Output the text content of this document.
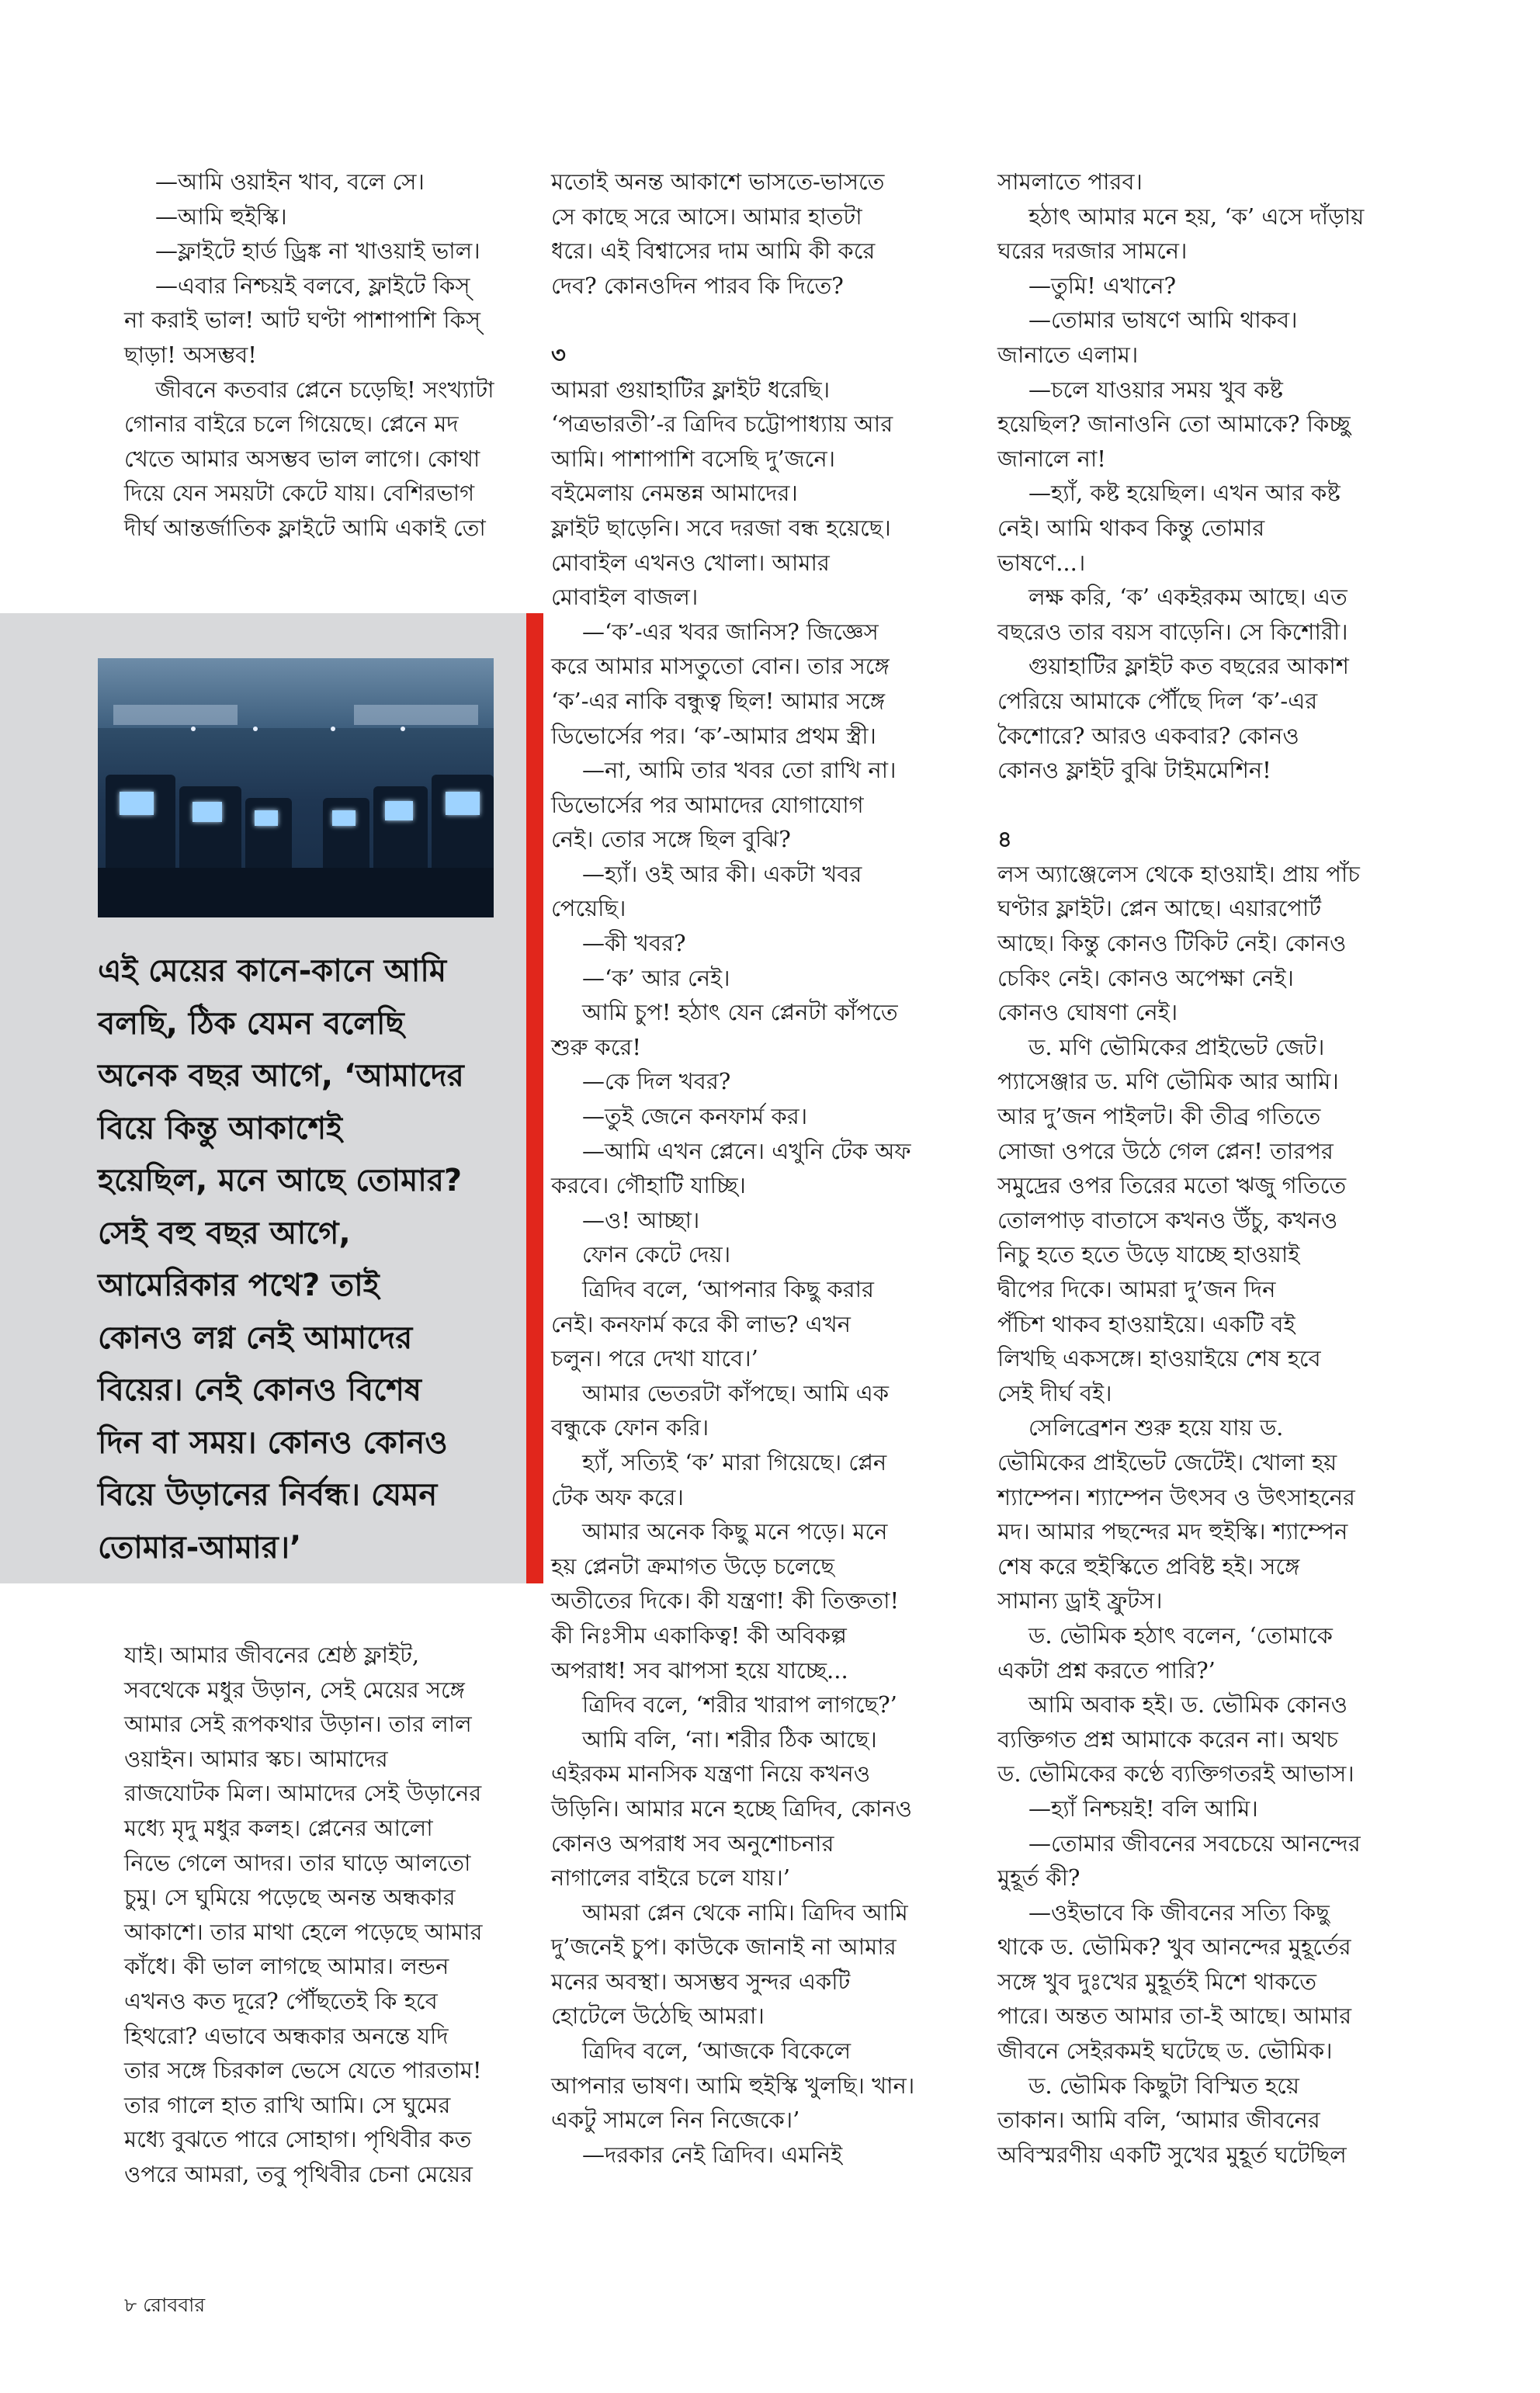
—আমি ওয়াইন খাব, বলে সে।

—আমি হুইস্কি।

—ফ্লাইটে হার্ড ড্রিঙ্ক না খাওয়াই ভাল।

—এবার নিশ্চয়ই বলবে, ফ্লাইটে কিস্

না করাই ভাল! আট ঘণ্টা পাশাপাশি কিস্

ছাড়া! অসম্ভব!

জীবনে কতবার প্লেনে চড়েছি! সংখ্যাটা

গোনার বাইরে চলে গিয়েছে। প্লেনে মদ

খেতে আমার অসম্ভব ভাল লাগে। কোথা

দিয়ে যেন সময়টা কেটে যায়। বেশিরভাগ

দীর্ঘ আন্তর্জাতিক ফ্লাইটে আমি একাই তো

এই মেয়ের কানে-কানে আমি
বলছি, ঠিক যেমন বলেছি
অনেক বছর আগে, ‘আমাদের
বিয়ে কিন্তু আকাশেই
হয়েছিল, মনে আছে তোমার?
সেই বহু বছর আগে,
আমেরিকার পথে? তাই
কোনও লগ্ন নেই আমাদের
বিয়ের। নেই কোনও বিশেষ
দিন বা সময়। কোনও কোনও
বিয়ে উড়ানের নির্বন্ধ। যেমন
তোমার-আমার।’

যাই। আমার জীবনের শ্রেষ্ঠ ফ্লাইট,

সবথেকে মধুর উড়ান, সেই মেয়ের সঙ্গে

আমার সেই রূপকথার উড়ান। তার লাল

ওয়াইন। আমার স্কচ। আমাদের

রাজযোটক মিল। আমাদের সেই উড়ানের

মধ্যে মৃদু মধুর কলহ। প্লেনের আলো

নিভে গেলে আদর। তার ঘাড়ে আলতো

চুমু। সে ঘুমিয়ে পড়েছে অনন্ত অন্ধকার

আকাশে। তার মাথা হেলে পড়েছে আমার

কাঁধে। কী ভাল লাগছে আমার। লন্ডন

এখনও কত দূরে? পৌঁছতেই কি হবে

হিথরো? এভাবে অন্ধকার অনন্তে যদি

তার সঙ্গে চিরকাল ভেসে যেতে পারতাম!

তার গালে হাত রাখি আমি। সে ঘুমের

মধ্যে বুঝতে পারে সোহাগ। পৃথিবীর কত

ওপরে আমরা, তবু পৃথিবীর চেনা মেয়ের

মতোই অনন্ত আকাশে ভাসতে-ভাসতে

সে কাছে সরে আসে। আমার হাতটা

ধরে। এই বিশ্বাসের দাম আমি কী করে

দেব? কোনওদিন পারব কি দিতে?

৩

আমরা গুয়াহাটির ফ্লাইট ধরেছি।

‘পত্রভারতী’-র ত্রিদিব চট্টোপাধ্যায় আর

আমি। পাশাপাশি বসেছি দু’জনে।

বইমেলায় নেমন্তন্ন আমাদের।

ফ্লাইট ছাড়েনি। সবে দরজা বন্ধ হয়েছে।

মোবাইল এখনও খোলা। আমার

মোবাইল বাজল।

—‘ক’-এর খবর জানিস? জিজ্ঞেস

করে আমার মাসতুতো বোন। তার সঙ্গে

‘ক’-এর নাকি বন্ধুত্ব ছিল! আমার সঙ্গে

ডিভোর্সের পর। ‘ক’-আমার প্রথম স্ত্রী।

—না, আমি তার খবর তো রাখি না।

ডিভোর্সের পর আমাদের যোগাযোগ

নেই। তোর সঙ্গে ছিল বুঝি?

—হ্যাঁ। ওই আর কী। একটা খবর

পেয়েছি।

—কী খবর?

—‘ক’ আর নেই।

আমি চুপ! হঠাৎ যেন প্লেনটা কাঁপতে

শুরু করে!

—কে দিল খবর?

—তুই জেনে কনফার্ম কর।

—আমি এখন প্লেনে। এখুনি টেক অফ

করবে। গৌহাটি যাচ্ছি।

—ও! আচ্ছা।

ফোন কেটে দেয়।

ত্রিদিব বলে, ‘আপনার কিছু করার

নেই। কনফার্ম করে কী লাভ? এখন

চলুন। পরে দেখা যাবে।’

আমার ভেতরটা কাঁপছে। আমি এক

বন্ধুকে ফোন করি।

হ্যাঁ, সত্যিই ‘ক’ মারা গিয়েছে। প্লেন

টেক অফ করে।

আমার অনেক কিছু মনে পড়ে। মনে

হয় প্লেনটা ক্রমাগত উড়ে চলেছে

অতীতের দিকে। কী যন্ত্রণা! কী তিক্ততা!

কী নিঃসীম একাকিত্ব! কী অবিকল্প

অপরাধ! সব ঝাপসা হয়ে যাচ্ছে...

ত্রিদিব বলে, ‘শরীর খারাপ লাগছে?’

আমি বলি, ‘না। শরীর ঠিক আছে।

এইরকম মানসিক যন্ত্রণা নিয়ে কখনও

উড়িনি। আমার মনে হচ্ছে ত্রিদিব, কোনও

কোনও অপরাধ সব অনুশোচনার

নাগালের বাইরে চলে যায়।’

আমরা প্লেন থেকে নামি। ত্রিদিব আমি

দু’জনেই চুপ। কাউকে জানাই না আমার

মনের অবস্থা। অসম্ভব সুন্দর একটি

হোটেলে উঠেছি আমরা।

ত্রিদিব বলে, ‘আজকে বিকেলে

আপনার ভাষণ। আমি হুইস্কি খুলছি। খান।

একটু সামলে নিন নিজেকে।’

—দরকার নেই ত্রিদিব। এমনিই

সামলাতে পারব।

হঠাৎ আমার মনে হয়, ‘ক’ এসে দাঁড়ায়

ঘরের দরজার সামনে।

—তুমি! এখানে?

—তোমার ভাষণে আমি থাকব।

জানাতে এলাম।

—চলে যাওয়ার সময় খুব কষ্ট

হয়েছিল? জানাওনি তো আমাকে? কিচ্ছু

জানালে না!

—হ্যাঁ, কষ্ট হয়েছিল। এখন আর কষ্ট

নেই। আমি থাকব কিন্তু তোমার

ভাষণে...।

লক্ষ করি, ‘ক’ একইরকম আছে। এত

বছরেও তার বয়স বাড়েনি। সে কিশোরী।

গুয়াহাটির ফ্লাইট কত বছরের আকাশ

পেরিয়ে আমাকে পৌঁছে দিল ‘ক’-এর

কৈশোরে? আরও একবার? কোনও

কোনও ফ্লাইট বুঝি টাইমমেশিন!

৪

লস অ্যাঞ্জেলেস থেকে হাওয়াই। প্রায় পাঁচ

ঘণ্টার ফ্লাইট। প্লেন আছে। এয়ারপোর্ট

আছে। কিন্তু কোনও টিকিট নেই। কোনও

চেকিং নেই। কোনও অপেক্ষা নেই।

কোনও ঘোষণা নেই।

ড. মণি ভৌমিকের প্রাইভেট জেট।

প্যাসেঞ্জার ড. মণি ভৌমিক আর আমি।

আর দু’জন পাইলট। কী তীব্র গতিতে

সোজা ওপরে উঠে গেল প্লেন! তারপর

সমুদ্রের ওপর তিরের মতো ঋজু গতিতে

তোলপাড় বাতাসে কখনও উঁচু, কখনও

নিচু হতে হতে উড়ে যাচ্ছে হাওয়াই

দ্বীপের দিকে। আমরা দু’জন দিন

পঁচিশ থাকব হাওয়াইয়ে। একটি বই

লিখছি একসঙ্গে। হাওয়াইয়ে শেষ হবে

সেই দীর্ঘ বই।

সেলিব্রেশন শুরু হয়ে যায় ড.

ভৌমিকের প্রাইভেট জেটেই। খোলা হয়

শ্যাম্পেন। শ্যাম্পেন উৎসব ও উৎসাহনের

মদ। আমার পছন্দের মদ হুইস্কি। শ্যাম্পেন

শেষ করে হুইস্কিতে প্রবিষ্ট হই। সঙ্গে

সামান্য ড্রাই ফ্রুটস।

ড. ভৌমিক হঠাৎ বলেন, ‘তোমাকে

একটা প্রশ্ন করতে পারি?’

আমি অবাক হই। ড. ভৌমিক কোনও

ব্যক্তিগত প্রশ্ন আমাকে করেন না। অথচ

ড. ভৌমিকের কণ্ঠে ব্যক্তিগতরই আভাস।

—হ্যাঁ নিশ্চয়ই! বলি আমি।

—তোমার জীবনের সবচেয়ে আনন্দের

মুহূর্ত কী?

—ওইভাবে কি জীবনের সত্যি কিছু

থাকে ড. ভৌমিক? খুব আনন্দের মুহূর্তের

সঙ্গে খুব দুঃখের মুহূর্তই মিশে থাকতে

পারে। অন্তত আমার তা-ই আছে। আমার

জীবনে সেইরকমই ঘটেছে ড. ভৌমিক।

ড. ভৌমিক কিছুটা বিস্মিত হয়ে

তাকান। আমি বলি, ‘আমার জীবনের

অবিস্মরণীয় একটি সুখের মুহূর্ত ঘটেছিল

৮ রোববার
